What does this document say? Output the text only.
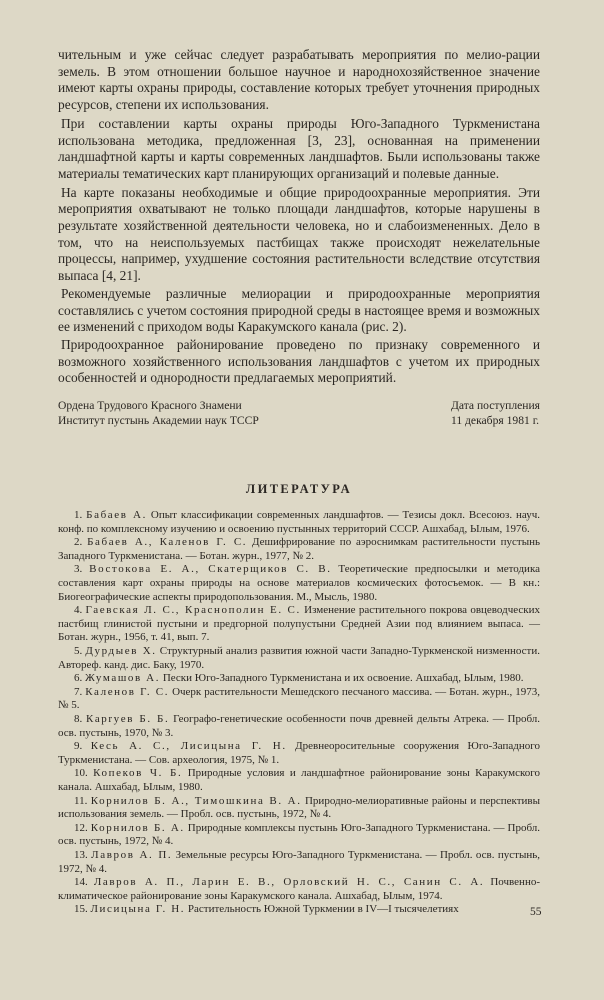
чительным и уже сейчас следует разрабатывать мероприятия по мелио-рации земель. В этом отношении большое научное и народнохозяйственное значение имеют карты охраны природы, составление которых требует уточнения природных ресурсов, степени их использования.

При составлении карты охраны природы Юго-Западного Туркменистана использована методика, предложенная [3, 23], основанная на применении ландшафтной карты и карты современных ландшафтов. Были использованы также материалы тематических карт планирующих организаций и полевые данные.

На карте показаны необходимые и общие природоохранные мероприятия. Эти мероприятия охватывают не только площади ландшафтов, которые нарушены в результате хозяйственной деятельности человека, но и слабоизмененных. Дело в том, что на неиспользуемых пастбищах также происходят нежелательные процессы, например, ухудшение состояния растительности вследствие отсутствия выпаса [4, 21].

Рекомендуемые различные мелиорации и природоохранные мероприятия составлялись с учетом состояния природной среды в настоящее время и возможных ее изменений с приходом воды Каракумского канала (рис. 2).

Природоохранное районирование проведено по признаку современного и возможного хозяйственного использования ландшафтов с учетом их природных особенностей и однородности предлагаемых мероприятий.

Ордена Трудового Красного Знамени
Институт пустынь Академии наук ТССР
Дата поступления
11 декабря 1981 г.
ЛИТЕРАТУРА

1. Бабаев А. Опыт классификации современных ландшафтов. — Тезисы докл. Всесоюз. науч. конф. по комплексному изучению и освоению пустынных территорий СССР. Ашхабад, Ылым, 1976.

2. Бабаев А., Каленов Г. С. Дешифрирование по аэроснимкам растительности пустынь Западного Туркменистана. — Ботан. журн., 1977, № 2.

3. Востокова Е. А., Скатерщиков С. В. Теоретические предпосылки и методика составления карт охраны природы на основе материалов космических фотосъемок. — В кн.: Биогеографические аспекты природопользования. М., Мысль, 1980.

4. Гаевская Л. С., Краснополин Е. С. Изменение растительного покрова овцеводческих пастбищ глинистой пустыни и предгорной полупустыни Средней Азии под влиянием выпаса. — Ботан. журн., 1956, т. 41, вып. 7.

5. Дурдыев Х. Структурный анализ развития южной части Западно-Туркменской низменности. Автореф. канд. дис. Баку, 1970.

6. Жумашов А. Пески Юго-Западного Туркменистана и их освоение. Ашхабад, Ылым, 1980.

7. Каленов Г. С. Очерк растительности Мешедского песчаного массива. — Ботан. журн., 1973, № 5.

8. Карryев Б. Б. Географо-генетические особенности почв древней дельты Атрека. — Пробл. осв. пустынь, 1970, № 3.

9. Кесь А. С., Лисицына Г. Н. Древнеоросительные сооружения Юго-Западного Туркменистана. — Сов. археология, 1975, № 1.

10. Копеков Ч. Б. Природные условия и ландшафтное районирование зоны Каракумского канала. Ашхабад, Ылым, 1980.

11. Корнилов Б. А., Тимошкина В. А. Природно-мелиоративные районы и перспективы использования земель. — Пробл. осв. пустынь, 1972, № 4.

12. Корнилов Б. А. Природные комплексы пустынь Юго-Западного Туркменистана. — Пробл. осв. пустынь, 1972, № 4.

13. Лавров А. П. Земельные ресурсы Юго-Западного Туркменистана. — Пробл. осв. пустынь, 1972, № 4.

14. Лавров А. П., Ларин Е. В., Орловский Н. С., Санин С. А. Почвенно-климатическое районирование зоны Каракумского канала. Ашхабад, Ылым, 1974.

15. Лисицына Г. Н. Растительность Южной Туркмении в IV—I тысячелетиях	55
